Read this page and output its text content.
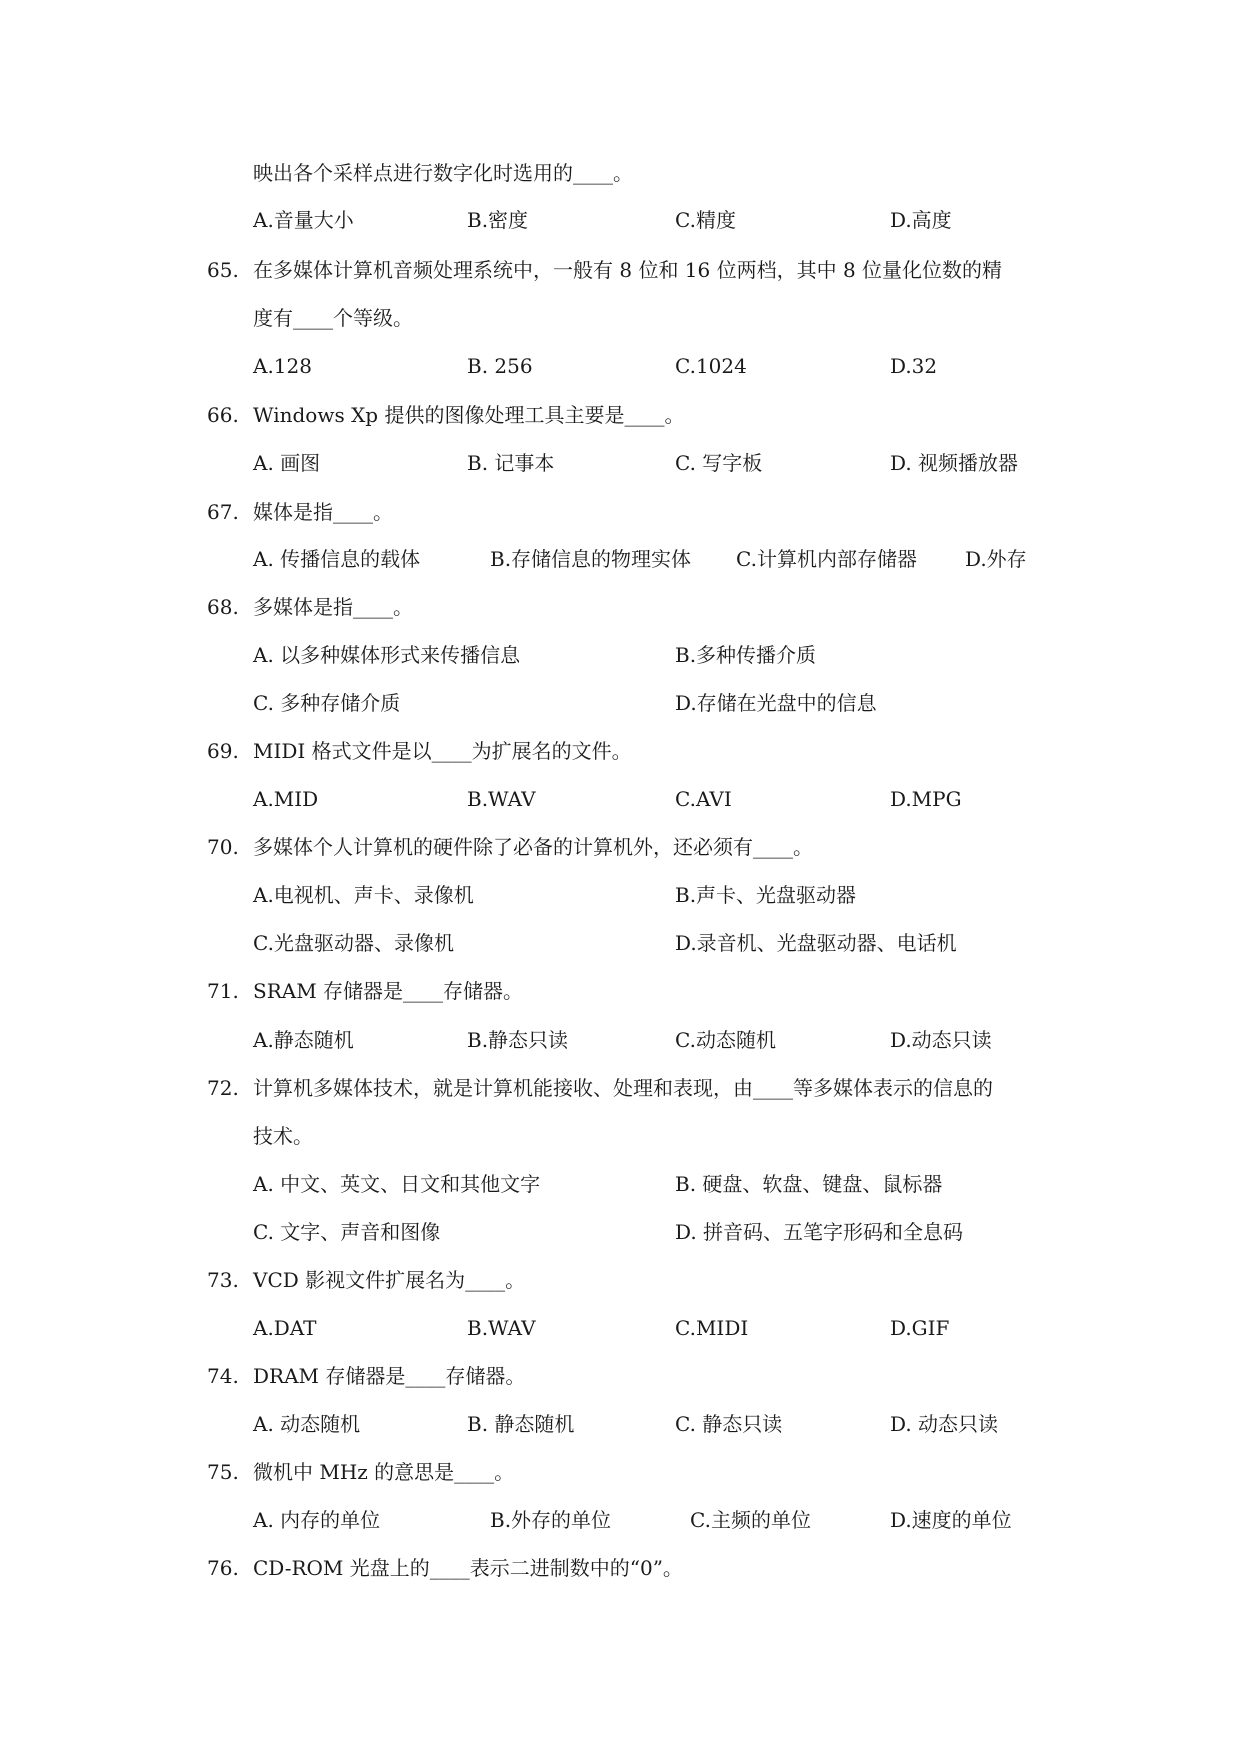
映出各个采样点进行数字化时选用的____。
A.音量大小	B.密度	C.精度	D.高度
65. 在多媒体计算机音频处理系统中，一般有 8 位和 16 位两档，其中 8 位量化位数的精
度有____个等级。
A.128	B. 256	C.1024	D.32
66. Windows Xp 提供的图像处理工具主要是____。
A. 画图	B. 记事本	C. 写字板	D. 视频播放器
67. 媒体是指____。
A. 传播信息的载体	B.存储信息的物理实体 C.计算机内部存储器 D.外存
68. 多媒体是指____。
A. 以多种媒体形式来传播信息	B.多种传播介质
C. 多种存储介质	D.存储在光盘中的信息
69. MIDI 格式文件是以____为扩展名的文件。
A.MID	B.WAV	C.AVI	D.MPG
70. 多媒体个人计算机的硬件除了必备的计算机外，还必须有____。
A.电视机、声卡、录像机	B.声卡、光盘驱动器
C.光盘驱动器、录像机	D.录音机、光盘驱动器、电话机
71. SRAM 存储器是____存储器。
A.静态随机	B.静态只读	C.动态随机	D.动态只读
72. 计算机多媒体技术，就是计算机能接收、处理和表现，由____等多媒体表示的信息的
技术。
A. 中文、英文、日文和其他文字	B. 硬盘、软盘、键盘、鼠标器
C. 文字、声音和图像	D. 拼音码、五笔字形码和全息码
73. VCD 影视文件扩展名为____。
A.DAT	B.WAV	C.MIDI	D.GIF
74. DRAM 存储器是____存储器。
A. 动态随机	B. 静态随机	C. 静态只读	D. 动态只读
75. 微机中 MHz 的意思是____。
A. 内存的单位	B.外存的单位	C.主频的单位	D.速度的单位
76. CD-ROM 光盘上的____表示二进制数中的“0”。
